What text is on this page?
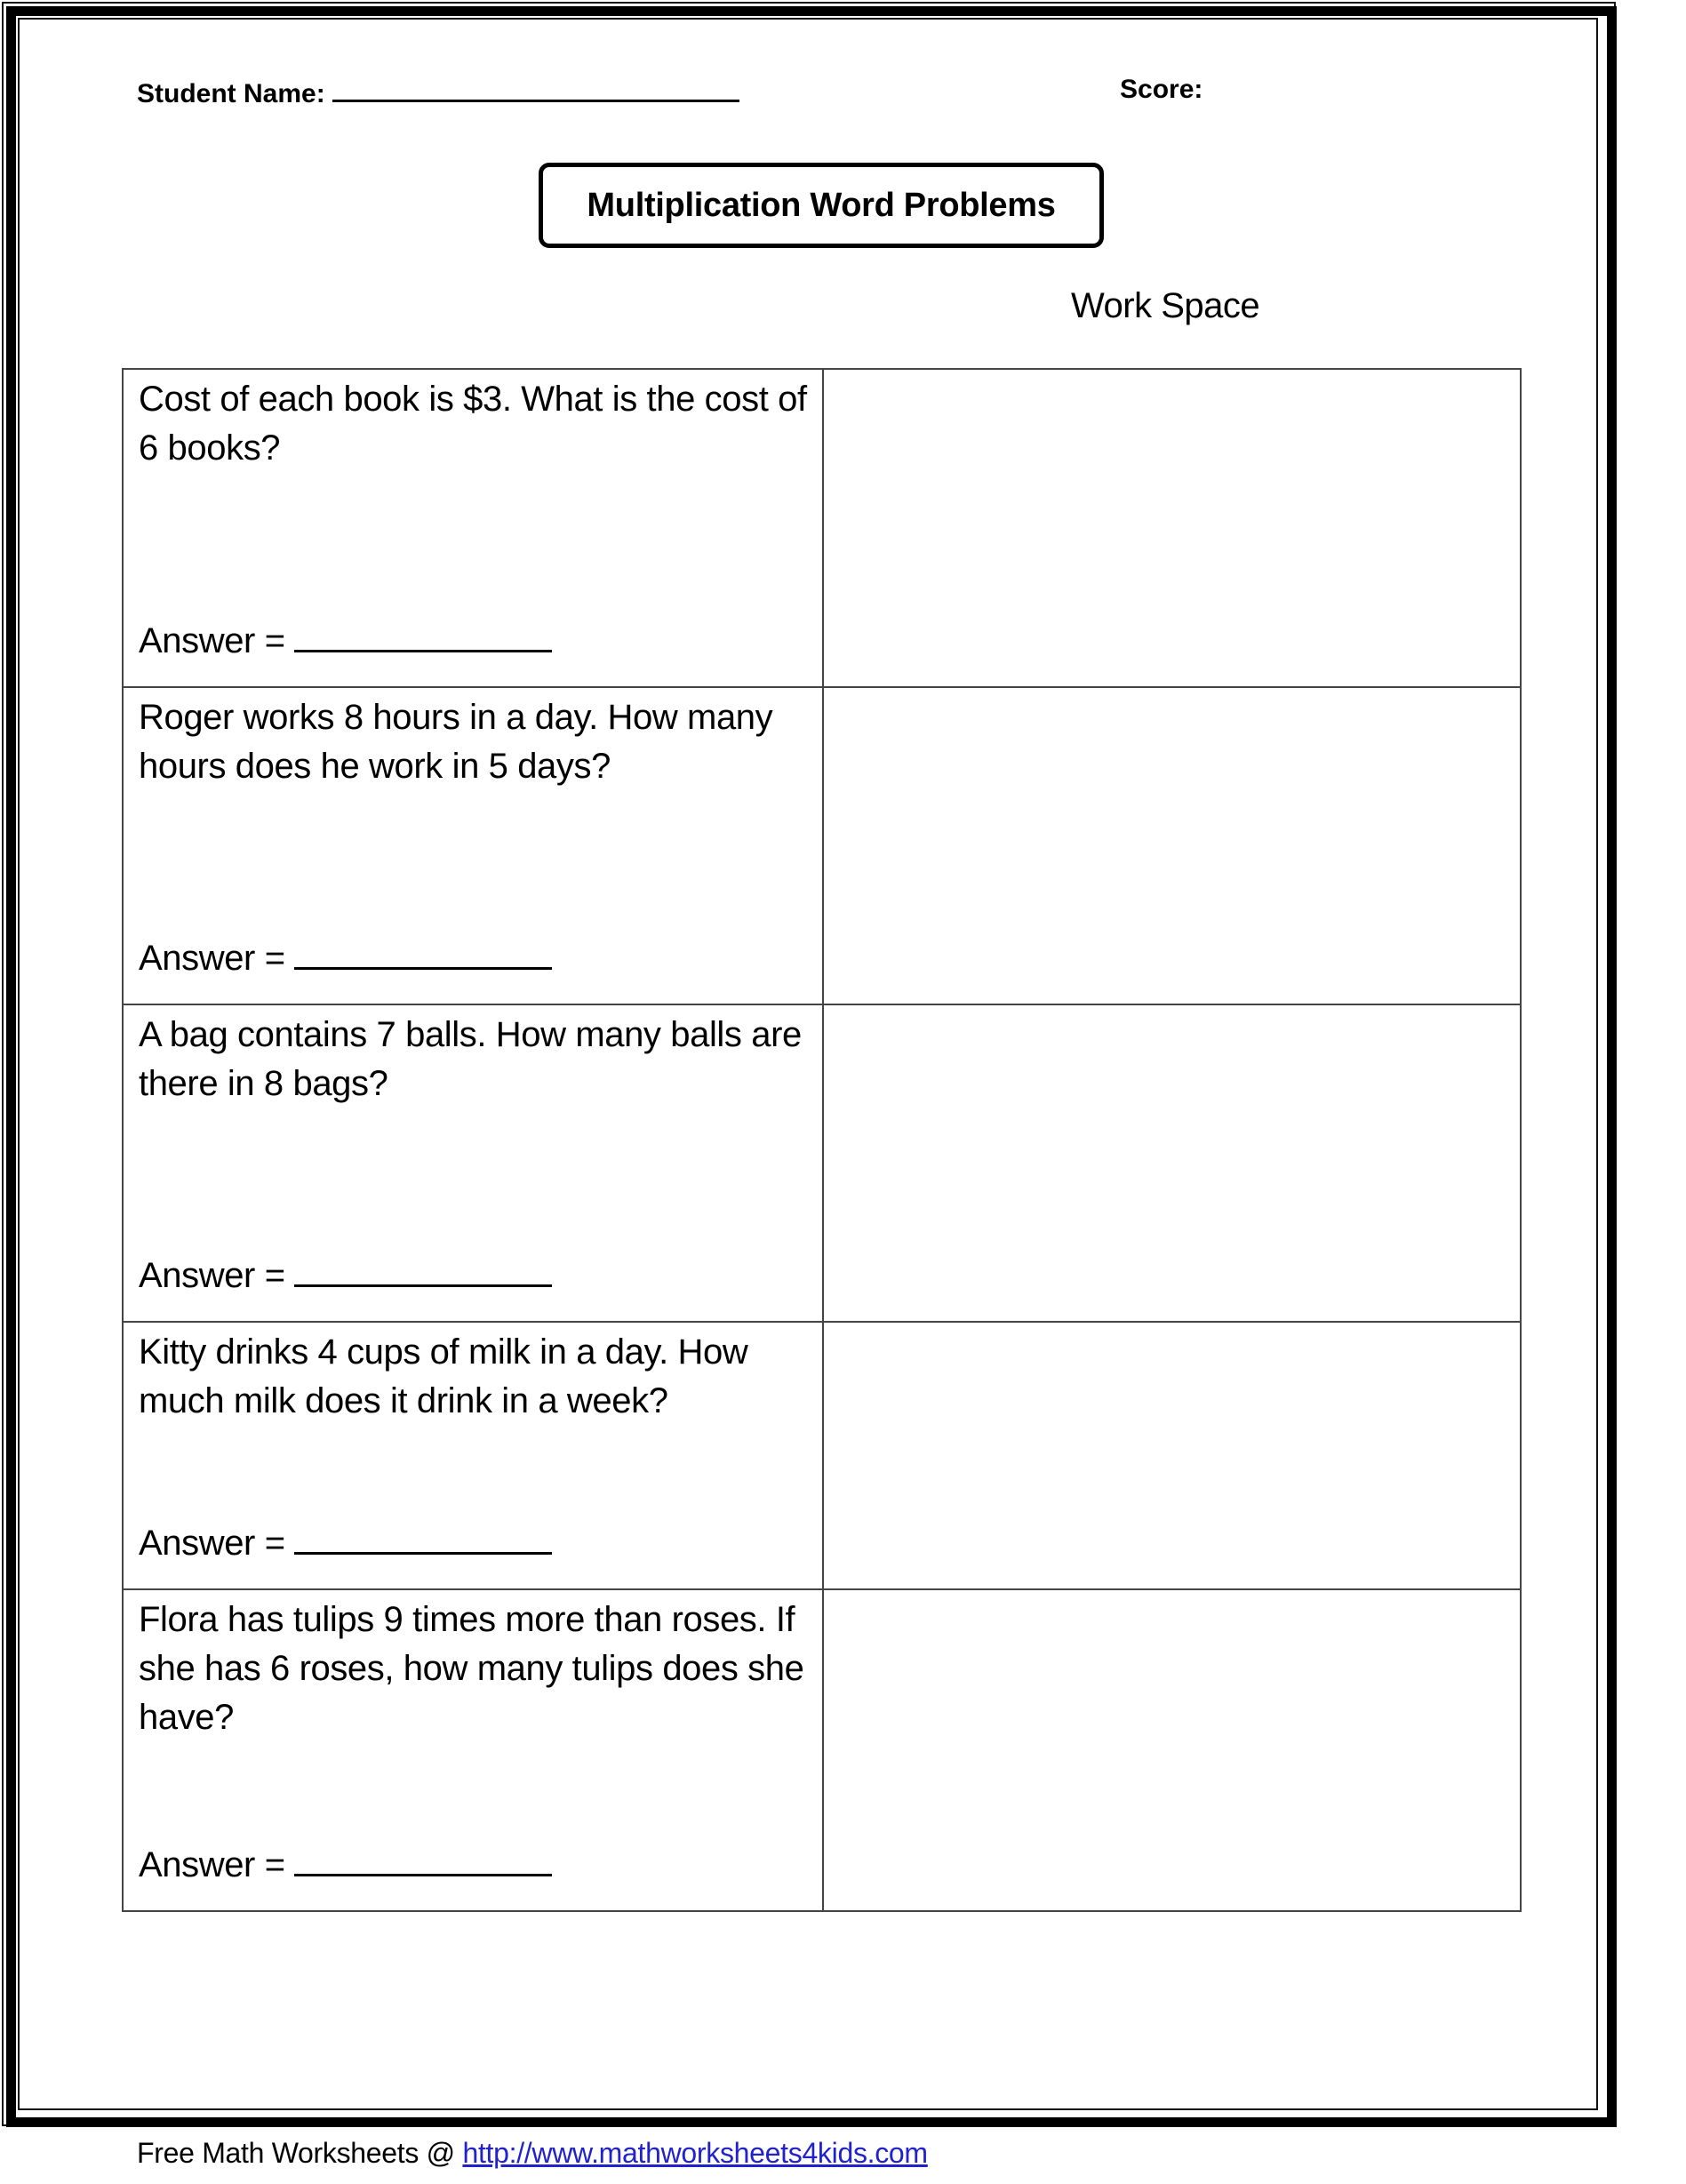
Student Name:	Score:
Multiplication Word Problems
Work Space
Cost of each book is $3. What is the cost of 6 books?
Answer =	

Roger works 8 hours in a day. How many hours does he work in 5 days?
Answer =	

A bag contains 7 balls. How many balls are there in 8 bags?
Answer =	

Kitty drinks 4 cups of milk in a day. How much milk does it drink in a week?
Answer =	

Flora has tulips 9 times more than roses. If she has 6 roses, how many tulips does she have?
Answer =	

Free Math Worksheets @ http://www.mathworksheets4kids.com
